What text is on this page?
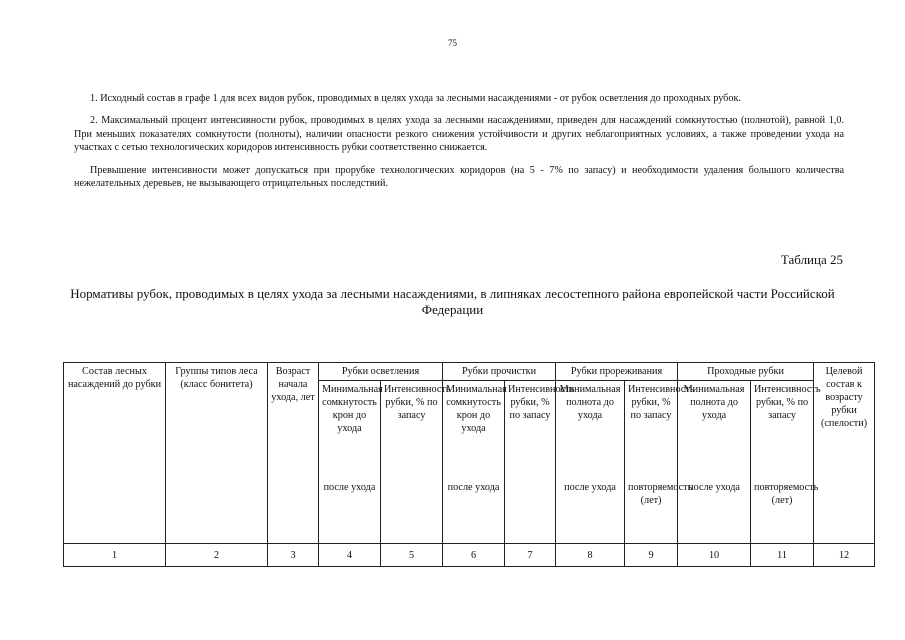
75

1. Исходный состав в графе 1 для всех видов рубок, проводимых в целях ухода за лесными насаждениями - от рубок осветления до проходных рубок.

2. Максимальный процент интенсивности рубок, проводимых в целях ухода за лесными насаждениями, приведен для насаждений сомкнутостью (полнотой), равной 1,0. При меньших показателях сомкнутости (полноты), наличии опасности резкого снижения устойчивости и других неблагоприятных условиях, а также проведении ухода на участках с сетью технологических коридоров интенсивность рубки соответственно снижается.

Превышение интенсивности может допускаться при прорубке технологических коридоров (на 5 - 7% по запасу) и необходимости удаления большого количества нежелательных деревьев, не вызывающего отрицательных последствий.

Таблица 25
Нормативы рубок, проводимых в целях ухода за лесными насаждениями, в липняках лесостепного района европейской части Российской Федерации
Состав лесных насаждений до рубки	Группы типов леса (класс бонитета)	Возраст начала ухода, лет	Рубки осветления		Рубки прочистки		Рубки прореживания		Проходные рубки		Целевой состав к возрасту рубки (спелости)
			Минимальная сомкнутость крон до ухода	Интенсивность рубки, % по запасу	Минимальная сомкнутость крон до ухода	Интенсивность рубки, % по запасу	Минимальная полнота до ухода	Интенсивность рубки, % по запасу	Минимальная полнота до ухода	Интенсивность рубки, % по запасу	
			после ухода		после ухода		после ухода	повторяемость (лет)	после ухода	повторяемость (лет)	
1	2	3	4	5	6	7	8	9	10	11	12
